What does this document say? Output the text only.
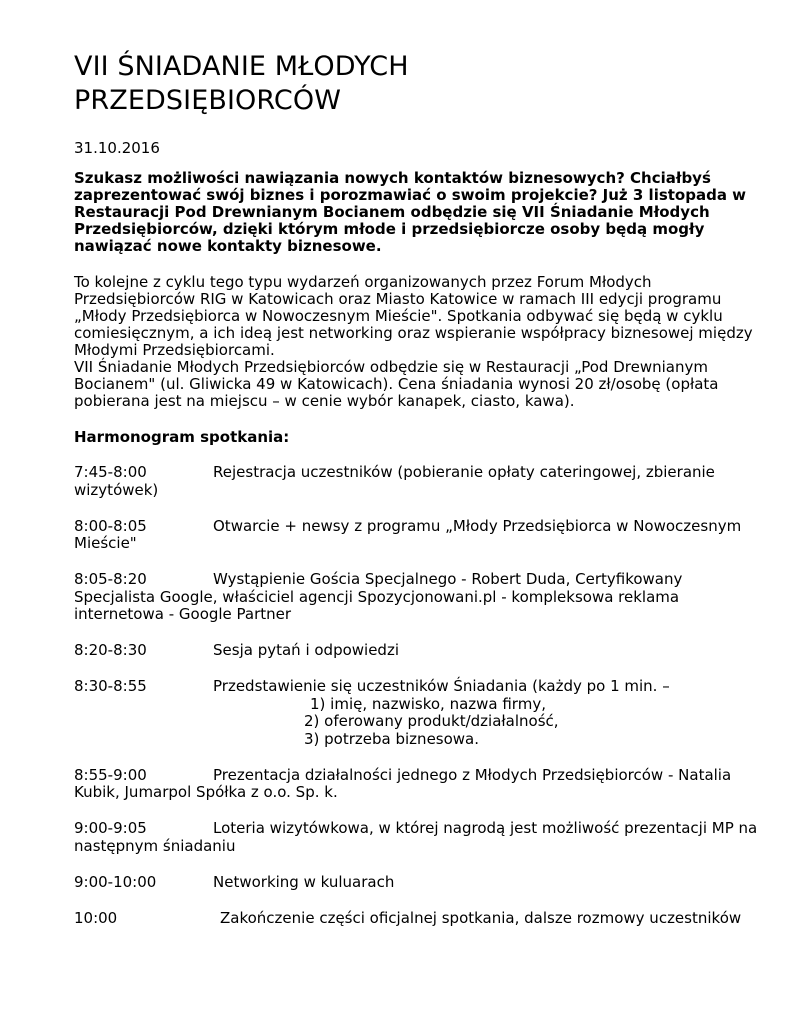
VII ŚNIADANIE MŁODYCH
PRZEDSIĘBIORCÓW
31.10.2016
Szukasz możliwości nawiązania nowych kontaktów biznesowych? Chciałbyś zaprezentować swój biznes i porozmawiać o swoim projekcie? Już 3 listopada w Restauracji Pod Drewnianym Bocianem odbędzie się VII Śniadanie Młodych Przedsiębiorców, dzięki którym młode i przedsiębiorcze osoby będą mogły nawiązać nowe kontakty biznesowe.
To kolejne z cyklu tego typu wydarzeń organizowanych przez Forum Młodych Przedsiębiorców RIG w Katowicach oraz Miasto Katowice w ramach III edycji programu „Młody Przedsiębiorca w Nowoczesnym Mieście". Spotkania odbywać się będą w cyklu comiesięcznym, a ich ideą jest networking oraz wspieranie współpracy biznesowej między Młodymi Przedsiębiorcami.
VII Śniadanie Młodych Przedsiębiorców odbędzie się w Restauracji „Pod Drewnianym Bocianem" (ul. Gliwicka 49 w Katowicach). Cena śniadania wynosi 20 zł/osobę (opłata pobierana jest na miejscu – w cenie wybór kanapek, ciasto, kawa).
Harmonogram spotkania:
7:45-8:00	Rejestracja uczestników (pobieranie opłaty cateringowej, zbieranie wizytówek)
8:00-8:05	Otwarcie + newsy z programu „Młody Przedsiębiorca w Nowoczesnym Mieście"
8:05-8:20	Wystąpienie Gościa Specjalnego - Robert Duda, Certyfikowany Specjalista Google, właściciel agencji Spozycjonowani.pl - kompleksowa reklama internetowa - Google Partner
8:20-8:30	Sesja pytań i odpowiedzi
8:30-8:55	Przedstawienie się uczestników Śniadania (każdy po 1 min. –
1) imię, nazwisko, nazwa firmy,
2) oferowany produkt/działalność,
3) potrzeba biznesowa.
8:55-9:00	Prezentacja działalności jednego z Młodych Przedsiębiorców - Natalia Kubik, Jumarpol Spółka z o.o. Sp. k.
9:00-9:05	Loteria wizytówkowa, w której nagrodą jest możliwość prezentacji MP na następnym śniadaniu
9:00-10:00	Networking w kuluarach
10:00	Zakończenie części oficjalnej spotkania, dalsze rozmowy uczestników
